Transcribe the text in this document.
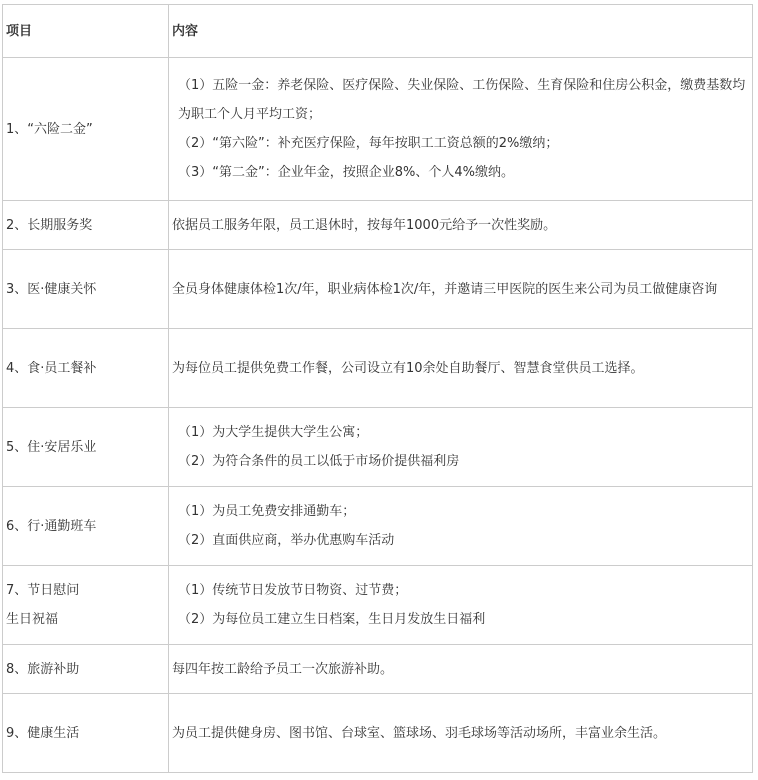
项目	内容

1、“六险二金”	（1）五险一金：养老保险、医疗保险、失业保险、工伤保险、生育保险和住房公积金，缴费基数均为职工个人月平均工资；
（2）“第六险”：补充医疗保险，每年按职工工资总额的2%缴纳；
（3）“第二金”：企业年金，按照企业8%、个人4%缴纳。

2、长期服务奖	依据员工服务年限，员工退休时，按每年1000元给予一次性奖励。

3、医·健康关怀	全员身体健康体检1次/年，职业病体检1次/年，并邀请三甲医院的医生来公司为员工做健康咨询

4、食·员工餐补	为每位员工提供免费工作餐，公司设立有10余处自助餐厅、智慧食堂供员工选择。

5、住·安居乐业	（1）为大学生提供大学生公寓；
（2）为符合条件的员工以低于市场价提供福利房

6、行·通勤班车	（1）为员工免费安排通勤车；
（2）直面供应商，举办优惠购车活动

7、节日慰问
生日祝福	（1）传统节日发放节日物资、过节费；
（2）为每位员工建立生日档案，生日月发放生日福利

8、旅游补助	每四年按工龄给予员工一次旅游补助。

9、健康生活	为员工提供健身房、图书馆、台球室、篮球场、羽毛球场等活动场所，丰富业余生活。
